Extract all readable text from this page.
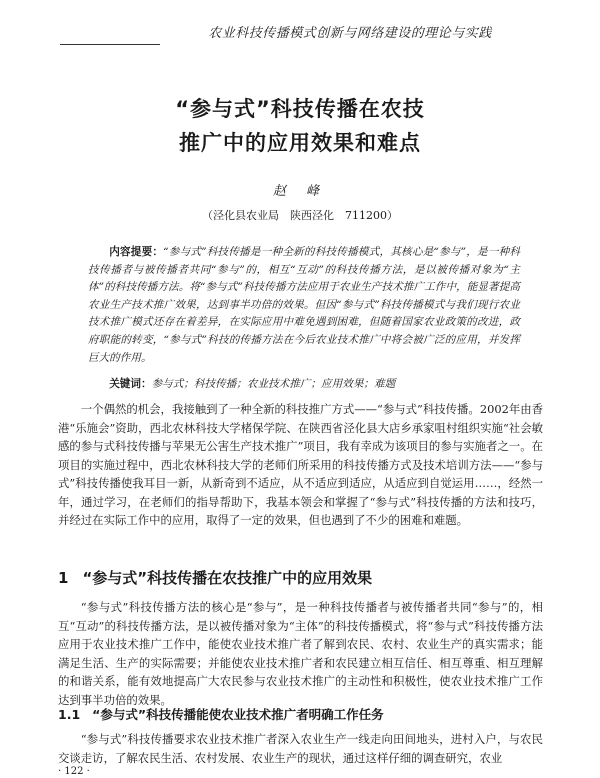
农业科技传播模式创新与网络建设的理论与实践
“参与式”科技传播在农技
推广中的应用效果和难点
赵 峰
（泾化县农业局　陕西泾化　711200）
内容提要：“参与式”科技传播是一种全新的科技传播模式，其核心是“参与”，是一种科技传播者与被传播者共同“参与”的，相互“互动”的科技传播方法，是以被传播对象为“主体”的科技传播方法。将“参与式”科技传播方法应用于农业生产技术推广工作中，能显著提高农业生产技术推广效果，达到事半功倍的效果。但因“参与式”科技传播模式与我们现行农业技术推广模式还存在着差异，在实际应用中难免遇到困难，但随着国家农业政策的改进，政府职能的转变，“参与式”科技的传播方法在今后农业技术推广中将会被广泛的应用，并发挥巨大的作用。
关键词：参与式；科技传播；农业技术推广；应用效果；难题
一个偶然的机会，我接触到了一种全新的科技推广方式——“参与式”科技传播。2002年由香港“乐施会”资助，西北农林科技大学楮保学院、在陕西省泾化县大店乡承家咀村组织实施“社会敏感的参与式科技传播与苹果无公害生产技术推广”项目，我有幸成为该项目的参与实施者之一。在项目的实施过程中，西北农林科技大学的老师们所采用的科技传播方式及技术培训方法——“参与式”科技传播使我耳目一新，从新奇到不适应，从不适应到适应，从适应到自觉运用……，经然一年，通过学习，在老师们的指导帮助下，我基本领会和掌握了“参与式”科技传播的方法和技巧，并经过在实际工作中的应用，取得了一定的效果，但也遇到了不少的困难和难题。
1 “参与式”科技传播在农技推广中的应用效果
“参与式”科技传播方法的核心是“参与”，是一种科技传播者与被传播者共同“参与”的，相互“互动”的科技传播方法，是以被传播对象为“主体”的科技传播模式，将“参与式”科技传播方法应用于农业技术推广工作中，能使农业技术推广者了解到农民、农村、农业生产的真实需求；能满足生活、生产的实际需要；并能使农业技术推广者和农民建立相互信任、相互尊重、相互理解的和谐关系，能有效地提高广大农民参与农业技术推广的主动性和积极性，使农业技术推广工作达到事半功倍的效果。
1.1 “参与式”科技传播能使农业技术推广者明确工作任务
“参与式”科技传播要求农业技术推广者深入农业生产一线走向田间地头，进村入户，与农民交谈走访，了解农民生活、农村发展、农业生产的现状，通过这样仔细的调查研究，农业
· 122 ·
